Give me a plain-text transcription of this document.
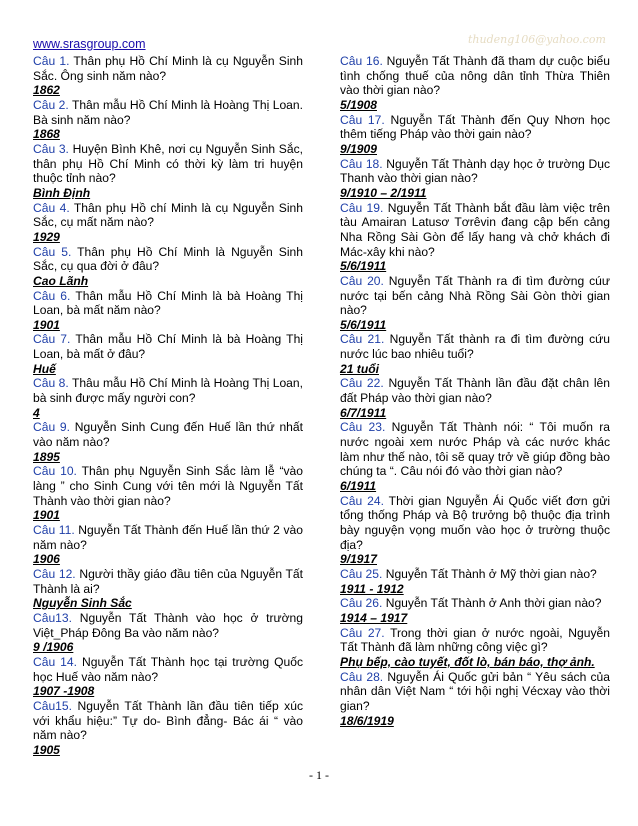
www.srasgroup.com	thudeng106@yahoo.com

Câu 1. Thân phụ Hồ Chí Minh là cụ Nguyễn Sinh Sắc. Ông sinh năm nào?

1862

Câu 2. Thân mẫu Hồ Chí Minh là Hoàng Thị Loan. Bà sinh năm nào?

1868

Câu 3. Huyện Bình Khê, nơi cụ Nguyễn Sinh Sắc, thân phụ Hồ Chí Minh có thời kỳ làm tri huyện thuộc tỉnh nào?

Bình Định

Câu 4. Thân phụ Hồ chí Minh là cụ Nguyễn Sinh Sắc, cụ mất năm nào?

1929

Câu 5. Thân phụ Hồ Chí Minh là Nguyễn Sinh Sắc, cụ qua đời ở đâu?

Cao Lãnh

Câu 6. Thân mẫu Hồ Chí Minh là bà Hoàng Thị Loan, bà mất năm nào?

1901

Câu 7. Thân mẫu Hồ Chí Minh là bà Hoàng Thị Loan, bà mất ở đâu?

Huế

Câu 8. Thâu mẫu Hồ Chí Minh là Hoàng Thị Loan, bà sinh được mấy người con?

4

Câu 9. Nguyễn Sinh Cung đến Huế lần thứ nhất vào năm nào?

1895

Câu 10. Thân phụ Nguyễn Sinh Sắc làm lễ “vào làng ” cho Sinh Cung với tên mới là Nguyễn Tất Thành vào thời gian nào?

1901

Câu 11. Nguyễn Tất Thành đến Huế lần thứ 2 vào năm nào?

1906

Câu 12. Người thầy giáo đầu tiên của Nguyễn Tất Thành là ai?

Nguyễn Sinh Sắc

Câu13. Nguyễn Tất Thành vào học ở trường Việt_Pháp Đông Ba vào năm nào?

9 /1906

Câu 14. Nguyễn Tất Thành học tại trường Quốc học Huế vào năm nào?

1907 -1908

Câu15. Nguyễn Tất Thành lần đầu tiên tiếp xúc với khẩu hiệu:” Tự do- Bình đẳng- Bác ái “ vào năm nào?

1905

Câu 16. Nguyễn Tất Thành đã tham dự cuộc biểu tình chống thuế của nông dân tỉnh Thừa Thiên vào thời gian nào?

5/1908

Câu 17. Nguyễn Tất Thành đến Quy Nhơn học thêm tiếng Pháp vào thời gain nào?

9/1909

Câu 18. Nguyễn Tất Thành dạy học ở trường Dục Thanh vào thời gian nào?

9/1910 – 2/1911

Câu 19. Nguyễn Tất Thành bắt đầu làm việc trên tàu Amairan Latusơ Tơrêvin đang cập bến cảng Nha Rồng Sài Gòn để lấy hang và chở khách đi Mác-xây khi nào?

5/6/1911

Câu 20. Nguyễn Tất Thành ra đi tìm đường cúư nước tại bến cảng Nhà Rồng Sài Gòn thời gian nào?

5/6/1911

Câu 21. Nguyễn Tất thành ra đi tìm đường cứu nước lúc bao nhiêu tuổi?

21 tuổi

Câu 22. Nguyễn Tất Thành lần đầu đặt chân lên đất Pháp vào thời gian nào?

6/7/1911

Câu 23. Nguyễn Tất Thành nói: “ Tôi muốn ra nước ngoài xem nước Pháp và các nước khác làm như thế nào, tôi sẽ quay trở về giúp đồng bào chúng ta “. Câu nói đó vào thời gian nào?

6/1911

Câu 24. Thời gian Nguyễn Ái Quốc viết đơn gửi tổng thống Pháp và Bộ trưởng bộ thuộc địa trình bày nguyện vọng muốn vào học ở trường thuộc địa?

9/1917

Câu 25. Nguyễn Tất Thành ở Mỹ thời gian nào?

1911 - 1912

Câu 26. Nguyễn Tất Thành ở Anh thời gian nào?

1914 – 1917

Câu 27. Trong thời gian ở nước ngoài, Nguyễn Tất Thành đã làm những công việc gì?

Phụ bếp, cào tuyết, đốt lò, bán báo, thợ ảnh.

Câu 28. Nguyễn Ái Quốc gửi bản “ Yêu sách của nhân dân Việt Nam “ tới hội nghị Vécxay vào thời gian?

18/6/1919

- 1 -
